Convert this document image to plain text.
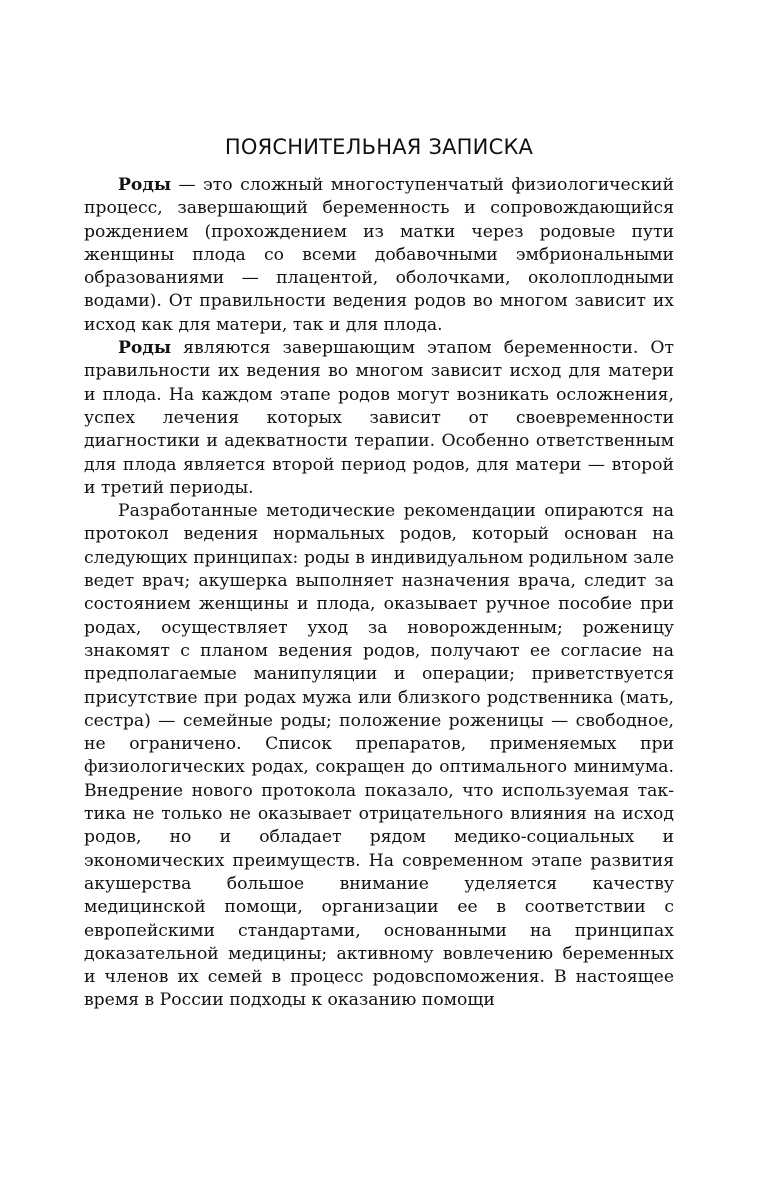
ПОЯСНИТЕЛЬНАЯ ЗАПИСКА

Роды — это сложный многоступенчатый физиологический процесс, завершающий беременность и сопровождающийся рождением (прохождением из матки через родовые пути женщины плода со всеми добавочными эмбриональными образованиями — плацентой, оболочками, околоплодными водами). От правильности ведения родов во многом зависит их исход как для матери, так и для плода.

Роды являются завершающим этапом беременности. От правильности их ведения во многом зависит исход для матери и плода. На каждом этапе родов могут возникать осложнения, успех лечения которых зависит от своевременности диагностики и адекватности терапии. Особенно ответственным для плода является второй период родов, для матери — второй и третий периоды.

Разработанные методические рекомендации опираются на протокол ведения нормальных родов, который основан на следующих принципах: роды в индивидуальном родильном зале ведет врач; акушерка выполняет назначения врача, следит за состоянием женщины и плода, оказывает ручное пособие при родах, осуществляет уход за новорожденным; роженицу знакомят с планом ведения родов, получают ее согласие на предполагаемые манипуляции и операции; приветствуется присутствие при родах мужа или близкого родственника (мать, сестра) — семейные роды; положение роженицы — свободное, не ограничено. Список препаратов, применяемых при физиологических родах, сокращен до оптимального минимума. Внедрение нового протокола показало, что используемая тактика не только не оказывает отрицательного влияния на исход родов, но и обладает рядом медико-социальных и экономических преимуществ. На современном этапе развития акушерства большое внимание уделяется качеству медицинской помощи, организации ее в соответствии с европейскими стандартами, основанными на принципах доказательной медицины; активному вовлечению беременных и членов их семей в процесс родовспоможения. В настоящее время в России подходы к оказанию помощи
